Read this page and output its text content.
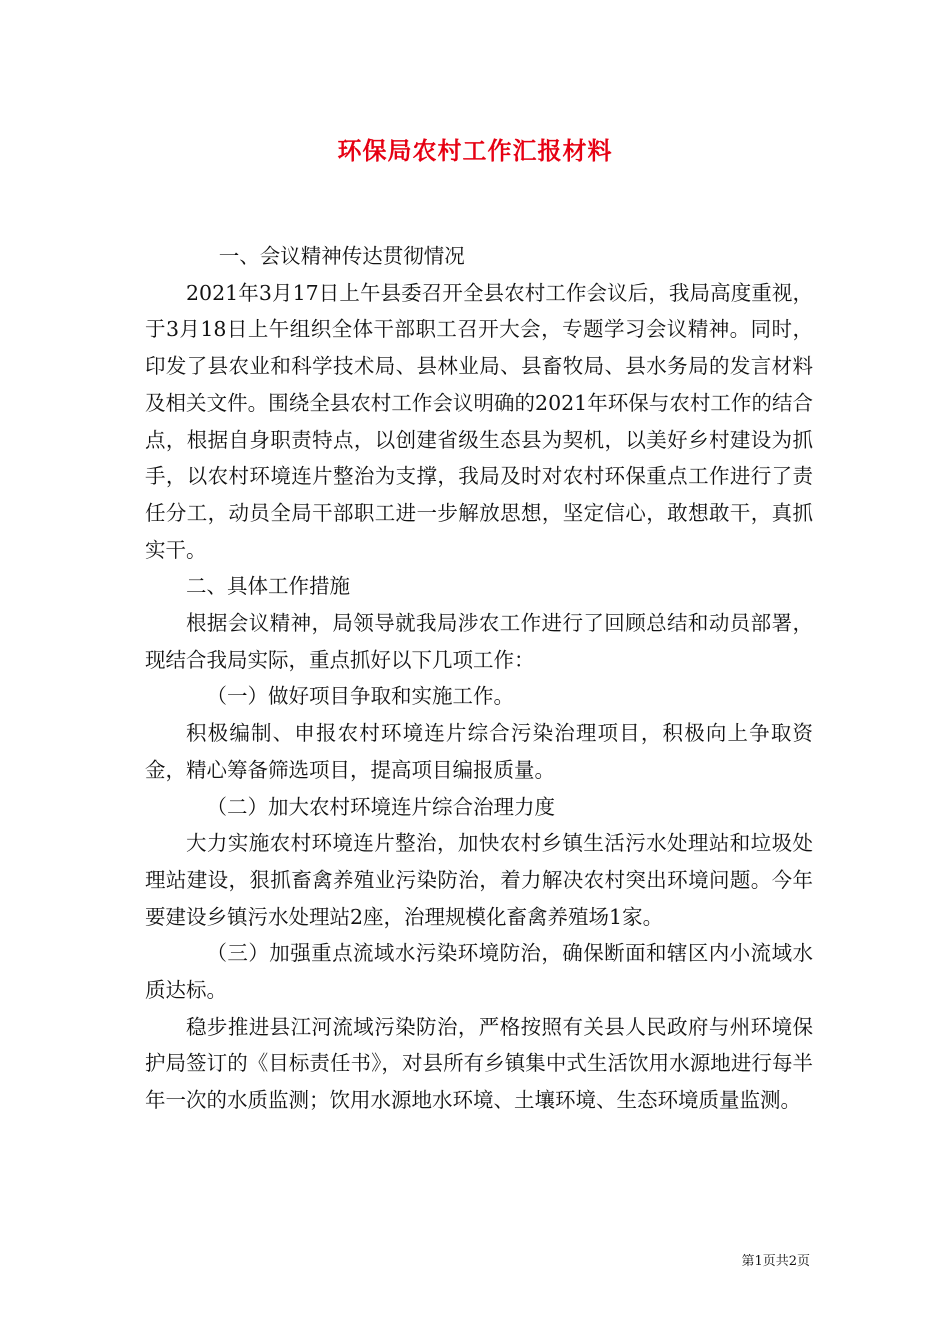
环保局农村工作汇报材料

一、会议精神传达贯彻情况

2021年3月17日上午县委召开全县农村工作会议后，我局高度重视，于3月18日上午组织全体干部职工召开大会，专题学习会议精神。同时，印发了县农业和科学技术局、县林业局、县畜牧局、县水务局的发言材料及相关文件。围绕全县农村工作会议明确的2021年环保与农村工作的结合点，根据自身职责特点，以创建省级生态县为契机，以美好乡村建设为抓手，以农村环境连片整治为支撑，我局及时对农村环保重点工作进行了责任分工，动员全局干部职工进一步解放思想，坚定信心，敢想敢干，真抓实干。

二、具体工作措施

根据会议精神，局领导就我局涉农工作进行了回顾总结和动员部署，现结合我局实际，重点抓好以下几项工作：

（一）做好项目争取和实施工作。

积极编制、申报农村环境连片综合污染治理项目，积极向上争取资金，精心筹备筛选项目，提高项目编报质量。

（二）加大农村环境连片综合治理力度

大力实施农村环境连片整治，加快农村乡镇生活污水处理站和垃圾处理站建设，狠抓畜禽养殖业污染防治，着力解决农村突出环境问题。今年要建设乡镇污水处理站2座，治理规模化畜禽养殖场1家。

（三）加强重点流域水污染环境防治，确保断面和辖区内小流域水质达标。

稳步推进县江河流域污染防治，严格按照有关县人民政府与州环境保护局签订的《目标责任书》，对县所有乡镇集中式生活饮用水源地进行每半年一次的水质监测；饮用水源地水环境、土壤环境、生态环境质量监测。

第1页共2页
